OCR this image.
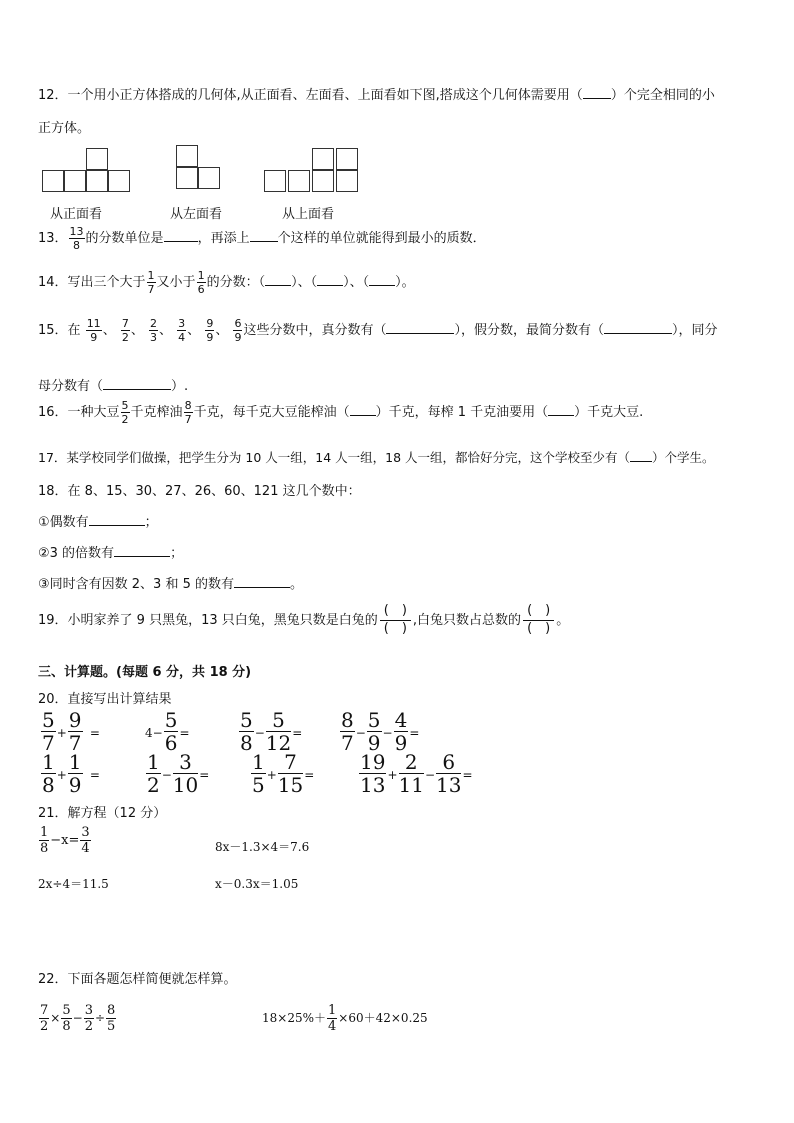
12．一个用小正方体搭成的几何体,从正面看、左面看、上面看如下图,搭成这个几何体需要用（ ）个完全相同的小
正方体。
从正面看	从左面看	从上面看
13． $\frac{13}{8}$ 的分数单位是	，再添上 个这样的单位就能得到最小的质数．
14．写出三个大于 $\frac{1}{7}$ 又小于 $\frac{1}{6}$ 的分数：（ ）、（ ）、（ ）。
15．在 $\frac{11}{9}$ 、 $\frac{7}{2}$ 、 $\frac{2}{3}$ 、 $\frac{3}{4}$ 、 $\frac{9}{9}$ 、 $\frac{6}{9}$ 这些分数中，真分数有（	），假分数，最简分数有（	），同分
母分数有（	）.
16．一种大豆 $\frac{5}{2}$ 千克榨油 $\frac{8}{7}$ 千克，每千克大豆能榨油（ ）千克，每榨 1 千克油要用（ ）千克大豆.
17．某学校同学们做操，把学生分为 10 人一组，14 人一组，18 人一组，都恰好分完，这个学校至少有（ ）个学生。
18．在 8、15、30、27、26、60、121 这几个数中：
①偶数有	；
②3 的倍数有	；
③同时含有因数 2、3 和 5 的数有	。
19．小明家养了 9 只黑兔，13 只白兔，黑兔只数是白兔的
(　)
(　)
,白兔只数占总数的
(　)
(　)
。
三、计算题。(每题 6 分，共 18 分)
20．直接写出计算结果
$\frac{5}{7} + \frac{9}{7}$ =	$4- \frac{5}{6} = \frac{5}{8} - \frac{5}{12} = \frac{8}{7} - \frac{5}{9} - \frac{4}{9}$ =
$\frac{1}{8} + \frac{1}{9} = \frac{1}{2} - \frac{3}{10} = \frac{1}{5} + \frac{7}{15} = \frac{19}{13} + \frac{2}{11} - \frac{6}{13}$ =
21．解方程（12 分）
$\frac{1}{8} -x= \frac{3}{4}$	8x－1.3×4＝7.6
2x÷4＝11.5	x－0.3x＝1.05
22．下面各题怎样简便就怎样算。
$\frac{7}{2} \times \frac{5}{8} - \frac{3}{2} \div \frac{8}{5}$	$18\times 25\%+ \frac{1}{4} \times 60+42\times 0.25$
